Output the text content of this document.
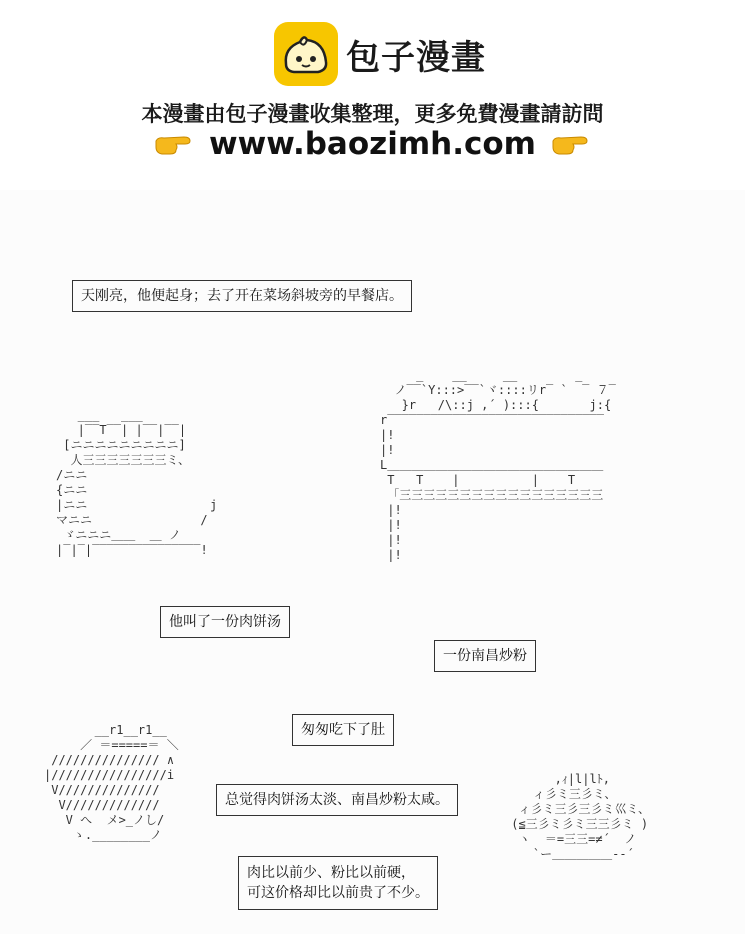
包子漫畫
本漫畫由包子漫畫收集整理，更多免費漫畫請訪問
www.baozimh.com
天刚亮，他便起身；去了开在菜场斜坡旁的早餐店。
___   ___
|‾‾T‾‾| |‾‾|‾‾|
[ニニニニニニニニニ]
人三三三三三三三ミ、
/ニニ
{ニニ
|ニニ                 j
マニニ               /
ゞニニニ＿＿  ＿ ノ
|‾|‾|‾‾‾‾‾‾‾‾‾‾‾‾‾‾‾!
_    __     __        _
ノ‾‾`Y:::>‾‾`ヾ::::リr‾ `  ‾ ７‾
}r   /\::j ,´ ):::{       j:{
r‾‾‾‾‾‾‾‾‾‾‾‾‾‾‾‾‾‾‾‾‾‾‾‾‾‾‾‾‾‾
|!
|!
L＿＿＿＿＿＿＿＿＿＿＿＿＿＿＿＿＿＿
T   T    |          |    T
「三三三三三三三三三三三三三三三三三
|!
|!
|!
|!
他叫了一份肉饼汤
一份南昌炒粉
匆匆吃下了肚
__r1__r1__
／ ＝=====＝ ＼
/////////////// ∧
|////////////////i
V//////////////
V/////////////
V へ  メ>_ノし/
ゝ.________ノ
总觉得肉饼汤太淡、南昌炒粉太咸。
,ｨ|l|lﾄ,
ィ彡ミ三彡ミ、
ィ彡ミ三彡三彡ミ巛ミ、
(≦三彡ミ彡ミ三三彡ミ )
ヽ  ＝=三三=≠´  ノ
`ー＿＿＿＿＿-‐´
肉比以前少、粉比以前硬，
可这价格却比以前贵了不少。
